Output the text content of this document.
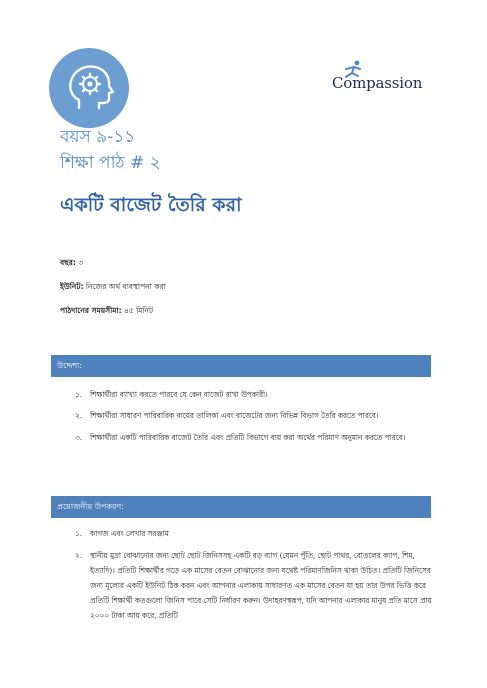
Compassion
বয়স ৯-১১
শিক্ষা পাঠ # ২
একটি বাজেট তৈরি করা
বছর: ৩
ইউনিট: নিজের অর্থ ব্যবস্থাপনা করা
পাঠদানের সময়সীমা: ৪৫ মিনিট
উদ্দেশ্য:
১.	শিক্ষার্থীরা ব্যাখ্যা করতে পারবে যে কেন বাজেট রাখা উপকারী।
২.	শিক্ষার্থীরা সাধারণ পারিবারিক ব্যয়ের তালিকা এবং বাজেটের জন্য বিভিন্ন বিভাগ তৈরি করতে পারবে।
৩.	শিক্ষার্থীরা একটি পারিবারিক বাজেট তৈরি এবং প্রতিটি বিভাগে ব্যয় করা অর্থের পরিমাণ অনুমান করতে পারবে।
প্রয়োজনীয় উপকরণ:
১.	কাগজ এবং লেখার সরঞ্জাম
২.	স্থানীয় মুদ্রা বোঝানোর জন্য ছোট ছোট জিনিসসহ একটি বড় ব্যাগ (যেমন পুঁতি, ছোট পাথর, বোতলের ক্যাপ, শিম, ইত্যাদি)। প্রতিটি শিক্ষার্থীর গড়ে এক মাসের বেতন বোঝানোর জন্য যথেষ্ট পরিমাণজিনিস থাকা উচিত। প্রতিটি জিনিসের জন্য মূল্যের একটি ইউনিট ঠিক করন এবং আপনার এলাকায় সাধারণত এক মাসের বেতন যা হয় তার উপর ভিত্তি করে প্রতিটি শিক্ষার্থী কতগুলো জিনিস পাবে সেটি নির্ধারণ করুন। উদাহরণস্বরূপ, যদি আপনার এলাকার মানুষ প্রতি মাসে প্রায় ২০০০ টাকা আয় করে, প্রতিটি
